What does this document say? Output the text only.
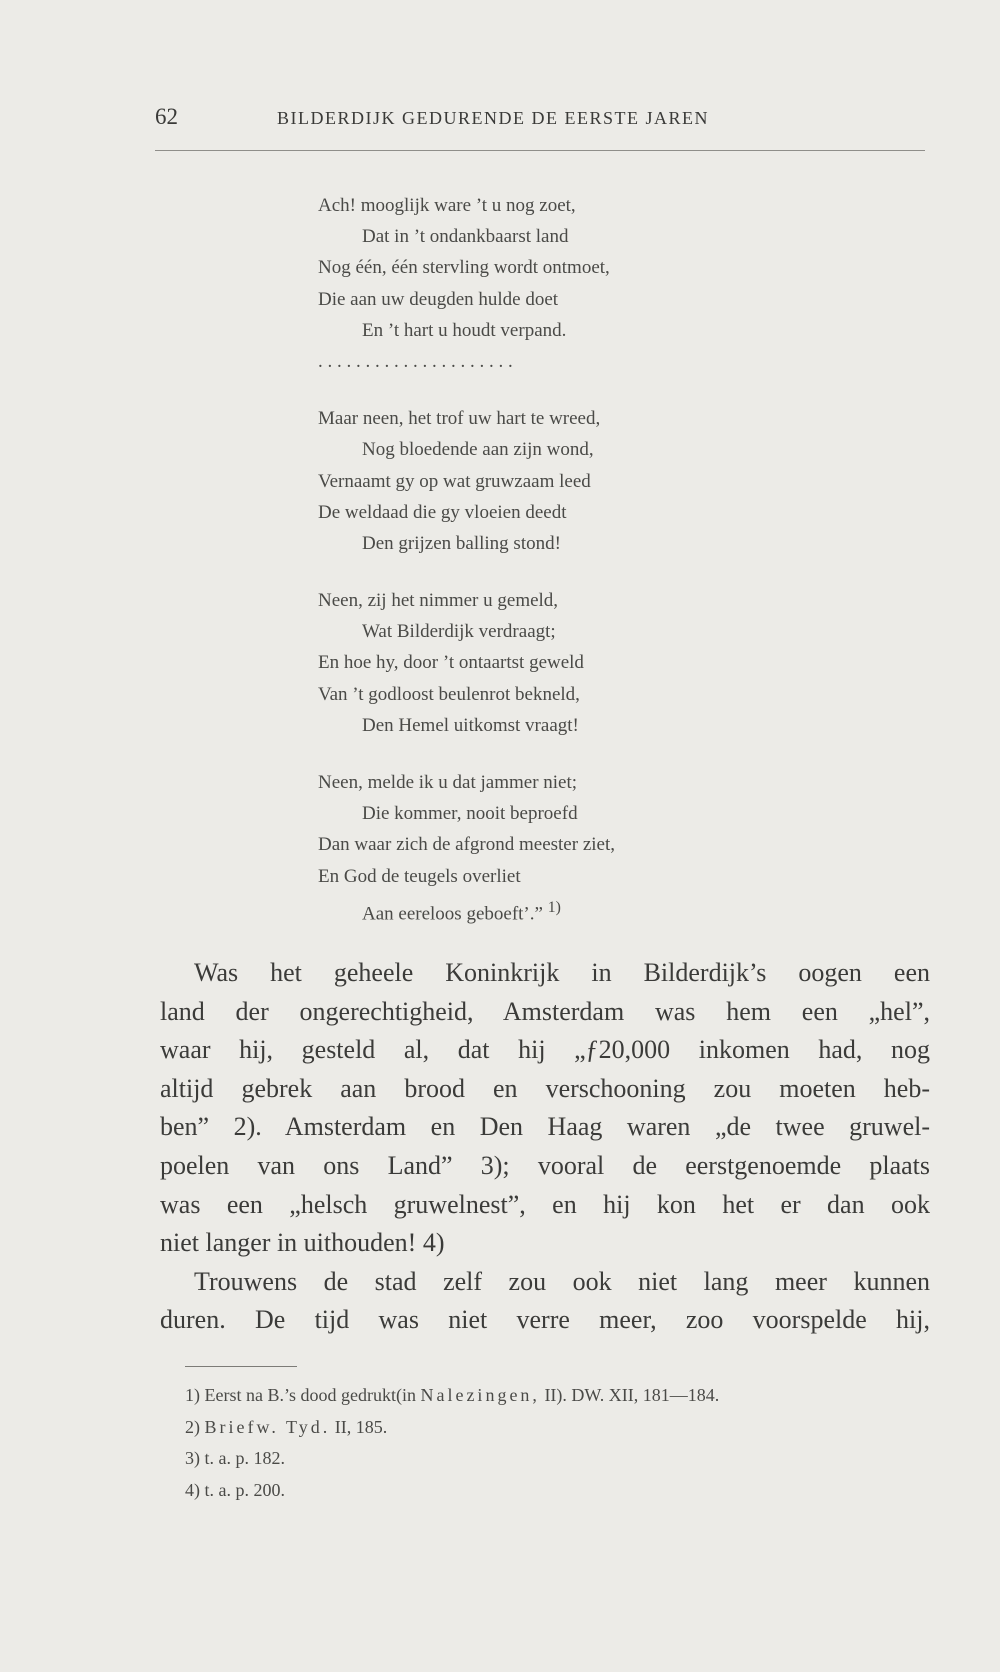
62	BILDERDIJK GEDURENDE DE EERSTE JAREN
Ach! mooglijk ware ’t u nog zoet,
Dat in ’t ondankbaarst land
Nog één, één stervling wordt ontmoet,
Die aan uw deugden hulde doet
En ’t hart u houdt verpand.
. . . . . . . . . . . . . . . . . . . . .
Maar neen, het trof uw hart te wreed,
Nog bloedende aan zijn wond,
Vernaamt gy op wat gruwzaam leed
De weldaad die gy vloeien deedt
Den grijzen balling stond!
Neen, zij het nimmer u gemeld,
Wat Bilderdijk verdraagt;
En hoe hy, door ’t ontaartst geweld
Van ’t godloost beulenrot bekneld,
Den Hemel uitkomst vraagt!
Neen, melde ik u dat jammer niet;
Die kommer, nooit beproefd
Dan waar zich de afgrond meester ziet,
En God de teugels overliet
Aan eereloos geboeft’.” $^{1)}$
Was het geheele Koninkrijk in Bilderdijk’s oogen een
land der ongerechtigheid, Amsterdam was hem een „hel”,
waar hij, gesteld al, dat hij „ƒ20,000 inkomen had, nog
altijd gebrek aan brood en verschooning zou moeten heb-
ben” 2). Amsterdam en Den Haag waren „de twee gruwel-
poelen van ons Land” 3); vooral de eerstgenoemde plaats
was een „helsch gruwelnest”, en hij kon het er dan ook
niet langer in uithouden! 4)
Trouwens de stad zelf zou ook niet lang meer kunnen
duren. De tijd was niet verre meer, zoo voorspelde hij,
1) Eerst na B.’s dood gedrukt(in Nalezingen, II). DW. XII, 181—184.
2) Briefw. Tyd. II, 185.
3) t. a. p. 182.
4) t. a. p. 200.
